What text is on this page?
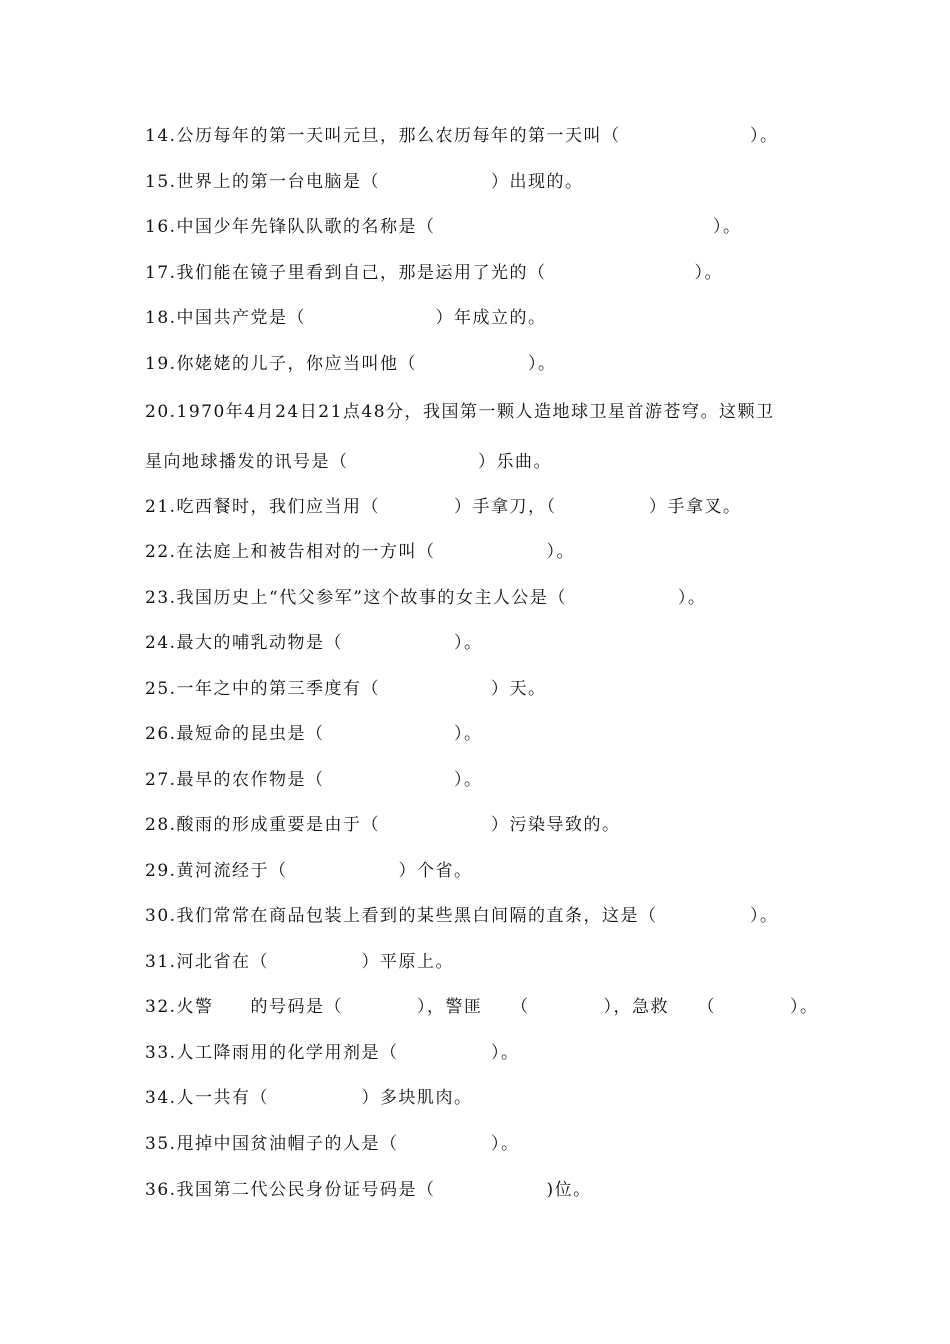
14.公历每年的第一天叫元旦，那么农历每年的第一天叫（　　　　　　　）。
15.世界上的第一台电脑是（　　　　　　）出现的。
16.中国少年先锋队队歌的名称是（　　　　　　　　　　　　　　　）。
17.我们能在镜子里看到自己，那是运用了光的（　　　　　　　　）。
18.中国共产党是（　　　　　　　）年成立的。
19.你姥姥的儿子，你应当叫他（　　　　　　）。
20.1970年4月24日21点48分，我国第一颗人造地球卫星首游苍穹。这颗卫
星向地球播发的讯号是（　　　　　　　）乐曲。
21.吃西餐时，我们应当用（　　　　）手拿刀，（　　　　　）手拿叉。
22.在法庭上和被告相对的一方叫（　　　　　　）。
23.我国历史上“代父参军”这个故事的女主人公是（　　　　　　）。
24.最大的哺乳动物是（　　　　　　）。
25.一年之中的第三季度有（　　　　　　）天。
26.最短命的昆虫是（　　　　　　　）。
27.最早的农作物是（　　　　　　　）。
28.酸雨的形成重要是由于（　　　　　　）污染导致的。
29.黄河流经于（　　　　　　）个省。
30.我们常常在商品包装上看到的某些黑白间隔的直条，这是（　　　　　）。
31.河北省在（　　　　　）平原上。
32.火警　　的号码是（　　　　），警匪　　（　　　　），急救　　（　　　　）。
33.人工降雨用的化学用剂是（　　　　　）。
34.人一共有（　　　　　）多块肌肉。
35.甩掉中国贫油帽子的人是（　　　　　）。
36.我国第二代公民身份证号码是（　　　　　　)位。
